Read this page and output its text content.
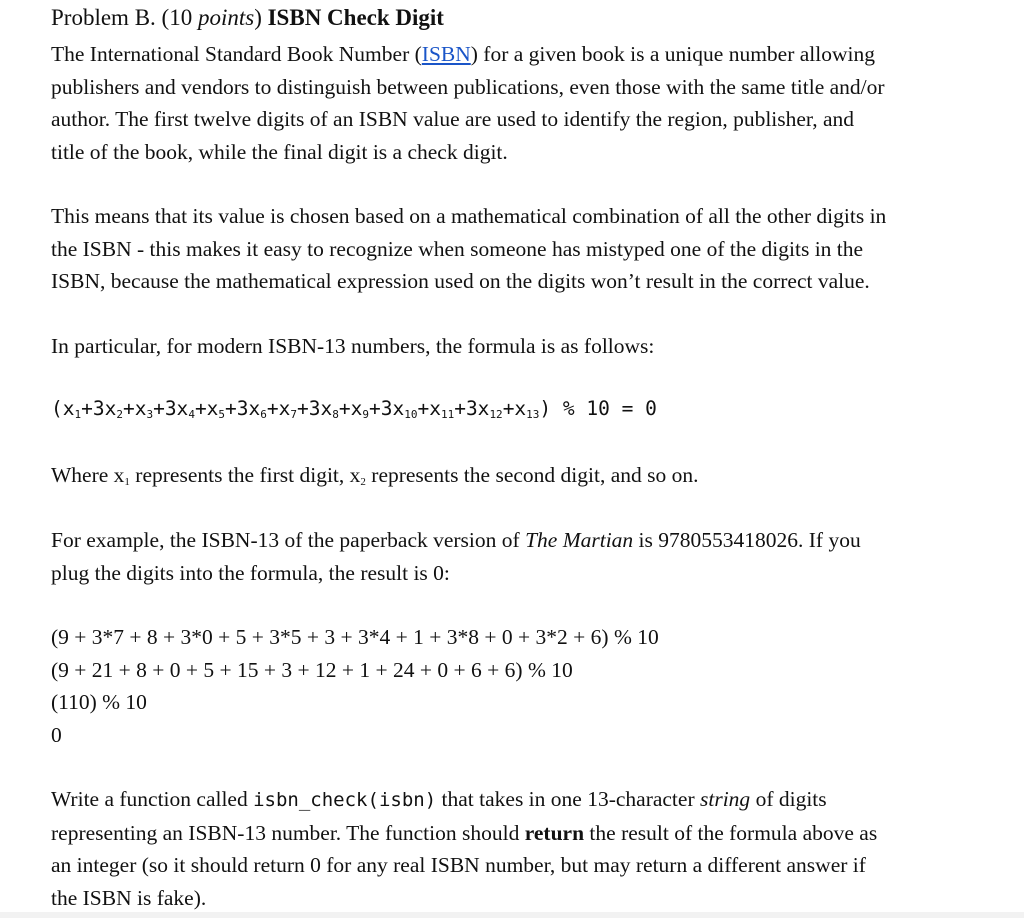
Problem B. (10 points) ISBN Check Digit
The International Standard Book Number (ISBN) for a given book is a unique number allowing
publishers and vendors to distinguish between publications, even those with the same title and/or
author. The first twelve digits of an ISBN value are used to identify the region, publisher, and
title of the book, while the final digit is a check digit.
This means that its value is chosen based on a mathematical combination of all the other digits in
the ISBN - this makes it easy to recognize when someone has mistyped one of the digits in the
ISBN, because the mathematical expression used on the digits won’t result in the correct value.
In particular, for modern ISBN-13 numbers, the formula is as follows:
$(x_1+3x_2+x_3+3x_4+x_5+3x_6+x_7+3x_8+x_9+3x_{10}+x_{11}+3x_{12}+x_{13})$ % 10 = 0
Where $x_1$ represents the first digit, $x_2$ represents the second digit, and so on.
For example, the ISBN-13 of the paperback version of The Martian is 9780553418026. If you
plug the digits into the formula, the result is 0:
(9 + 3*7 + 8 + 3*0 + 5 + 3*5 + 3 + 3*4 + 1 + 3*8 + 0 + 3*2 + 6) % 10
(9 + 21 + 8 + 0 + 5 + 15 + 3 + 12 + 1 + 24 + 0 + 6 + 6) % 10
(110) % 10
0
Write a function called isbn_check(isbn) that takes in one 13-character string of digits
representing an ISBN-13 number. The function should return the result of the formula above as
an integer (so it should return 0 for any real ISBN number, but may return a different answer if
the ISBN is fake).
